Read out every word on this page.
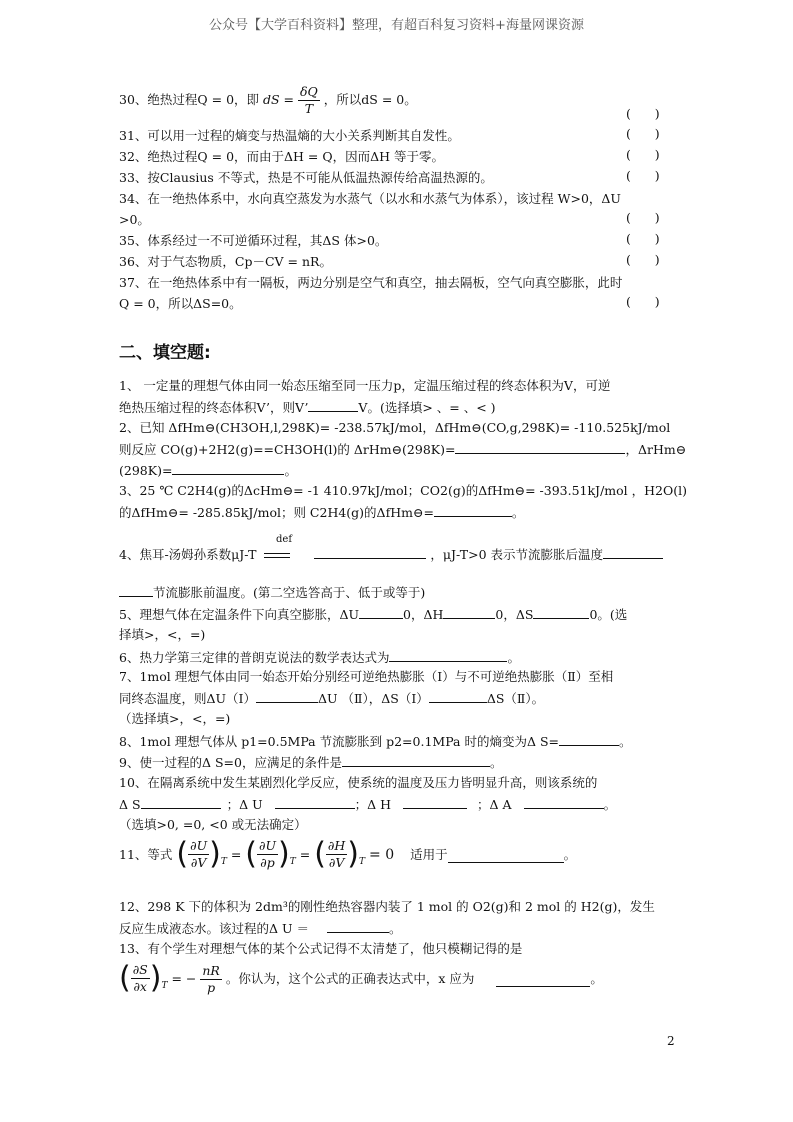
公众号【大学百科资料】整理，有超百科复习资料+海量网课资源
30、绝热过程Q = 0，即 dS = $\frac{\delta Q}{T}$ ，所以dS = 0。
(      )
31、可以用一过程的熵变与热温熵的大小关系判断其自发性。	(      )
32、绝热过程Q = 0，而由于ΔH = Q，因而ΔH 等于零。	(      )
33、按Clausius 不等式，热是不可能从低温热源传给高温热源的。	(      )
34、在一绝热体系中，水向真空蒸发为水蒸气（以水和水蒸气为体系），该过程 W>0，ΔU
>0。	(      )
35、体系经过一不可逆循环过程，其ΔS 体>0。	(      )
36、对于气态物质，Cp－CV = nR。	(      )
37、在一绝热体系中有一隔板，两边分别是空气和真空，抽去隔板，空气向真空膨胀，此时
Q = 0，所以ΔS=0。	(      )
二、填空题:
1、 一定量的理想气体由同一始态压缩至同一压力p，定温压缩过程的终态体积为V，可逆
绝热压缩过程的终态体积V’，则V’	V。(选择填> 、= 、< )
2、已知 ΔfHm⊖(CH3OH,l,298K)= -238.57kJ/mol，ΔfHm⊖(CO,g,298K)= -110.525kJ/mol
则反应 CO(g)+2H2(g)==CH3OH(l)的 ΔrHm⊖(298K)=	，ΔrHm⊖
(298K)=	。
3、25 ℃ C2H4(g)的ΔcHm⊖= -1 410.97kJ/mol；CO2(g)的ΔfHm⊖= -393.51kJ/mol ，H2O(l)
的ΔfHm⊖= -285.85kJ/mol；则 C2H4(g)的ΔfHm⊖=	。
def
4、焦耳-汤姆孙系数μJ-T	，μJ-T>0 表示节流膨胀后温度
节流膨胀前温度。(第二空选答高于、低于或等于)
5、理想气体在定温条件下向真空膨胀，ΔU	0，ΔH	0，ΔS	0。(选
择填>，<，=)
6、热力学第三定律的普朗克说法的数学表达式为	。
7、1mol 理想气体由同一始态开始分别经可逆绝热膨胀（Ⅰ）与不可逆绝热膨胀（Ⅱ）至相
同终态温度，则ΔU（Ⅰ）	ΔU （Ⅱ），ΔS（Ⅰ）	ΔS（Ⅱ）。
（选择填>，<，=)
8、1mol 理想气体从 p1=0.5MPa 节流膨胀到 p2=0.1MPa 时的熵变为Δ S=	。
9、使一过程的Δ S=0，应满足的条件是	。
10、在隔离系统中发生某剧烈化学反应，使系统的温度及压力皆明显升高，则该系统的
Δ S	；Δ U	；Δ H	；Δ A	。
（选填>0, =0, <0 或无法确定）
11、等式 ( $\frac{\partial U}{\partial V} )_T$ = ( $\frac{\partial U}{\partial p} )_T$ = ( $\frac{\partial H}{\partial V} )_T = 0$ 适用于	。
12、298 K 下的体积为 2dm³的刚性绝热容器内装了 1 mol 的 O2(g)和 2 mol 的 H2(g)，发生
反应生成液态水。该过程的Δ U ＝	。
13、有个学生对理想气体的某个公式记得不太清楚了，他只模糊记得的是
( $\frac{\partial S}{\partial x} )_T$ = − $\frac{nR}{p}$ 。你认为，这个公式的正确表达式中，x 应为	。
2
